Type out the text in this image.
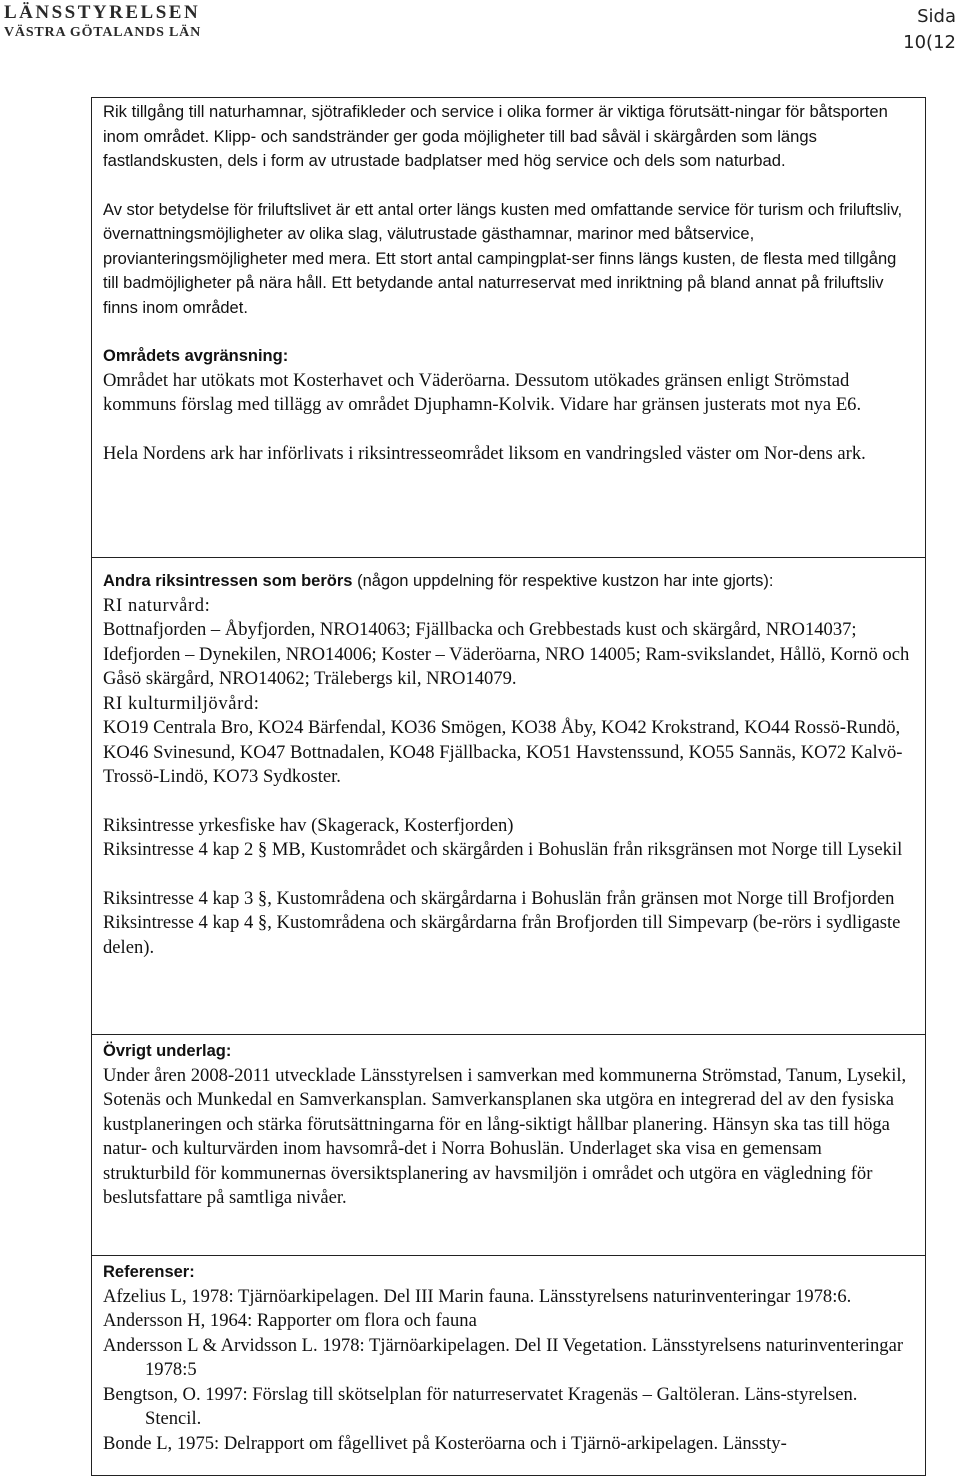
LÄNSSTYRELSEN
VÄSTRA GÖTALANDS LÄN
Sida
10(12

Rik tillgång till naturhamnar, sjötrafikleder och service i olika former är viktiga förutsätt-ningar för båtsporten inom området. Klipp- och sandstränder ger goda möjligheter till bad såväl i skärgården som längs fastlandskusten, dels i form av utrustade badplatser med hög service och dels som naturbad.

Av stor betydelse för friluftslivet är ett antal orter längs kusten med omfattande service för turism och friluftsliv, övernattningsmöjligheter av olika slag, välutrustade gästhamnar, marinor med båtservice, provianteringsmöjligheter med mera. Ett stort antal campingplat-ser finns längs kusten, de flesta med tillgång till badmöjligheter på nära håll. Ett betydande antal naturreservat med inriktning på bland annat på friluftsliv finns inom området.

Områdets avgränsning:

Området har utökats mot Kosterhavet och Väderöarna. Dessutom utökades gränsen enligt Strömstad kommuns förslag med tillägg av området Djuphamn-Kolvik. Vidare har gränsen justerats mot nya E6.

Hela Nordens ark har införlivats i riksintresseområdet liksom en vandringsled väster om Nor-dens ark.

Andra riksintressen som berörs (någon uppdelning för respektive kustzon har inte gjorts):

RI naturvård:

Bottnafjorden – Åbyfjorden, NRO14063; Fjällbacka och Grebbestads kust och skärgård, NRO14037; Idefjorden – Dynekilen, NRO14006; Koster – Väderöarna, NRO 14005; Ram-svikslandet, Hållö, Kornö och Gåsö skärgård, NRO14062; Trälebergs kil, NRO14079.

RI kulturmiljövård:

KO19 Centrala Bro, KO24 Bärfendal, KO36 Smögen, KO38 Åby, KO42 Krokstrand, KO44 Rossö-Rundö, KO46 Svinesund, KO47 Bottnadalen, KO48 Fjällbacka, KO51 Havstenssund, KO55 Sannäs, KO72 Kalvö-Trossö-Lindö, KO73 Sydkoster.

Riksintresse yrkesfiske hav (Skagerack, Kosterfjorden)

Riksintresse 4 kap 2 § MB, Kustområdet och skärgården i Bohuslän från riksgränsen mot Norge till Lysekil

Riksintresse 4 kap 3 §, Kustområdena och skärgårdarna i Bohuslän från gränsen mot Norge till Brofjorden

Riksintresse 4 kap 4 §, Kustområdena och skärgårdarna från Brofjorden till Simpevarp (be-rörs i sydligaste delen).

Övrigt underlag:

Under åren 2008-2011 utvecklade Länsstyrelsen i samverkan med kommunerna Strömstad, Tanum, Lysekil, Sotenäs och Munkedal en Samverkansplan. Samverkansplanen ska utgöra en integrerad del av den fysiska kustplaneringen och stärka förutsättningarna för en lång-siktigt hållbar planering. Hänsyn ska tas till höga natur- och kulturvärden inom havsområ-det i Norra Bohuslän. Underlaget ska visa en gemensam strukturbild för kommunernas översiktsplanering av havsmiljön i området och utgöra en vägledning för beslutsfattare på samtliga nivåer.

Referenser:

Afzelius L, 1978: Tjärnöarkipelagen. Del III Marin fauna. Länsstyrelsens naturinventeringar 1978:6.

Andersson H, 1964: Rapporter om flora och fauna

Andersson L & Arvidsson L. 1978: Tjärnöarkipelagen. Del II Vegetation. Länsstyrelsens naturinventeringar 1978:5

Bengtson, O. 1997: Förslag till skötselplan för naturreservatet Kragenäs – Galtöleran. Läns-styrelsen. Stencil.

Bonde L, 1975: Delrapport om fågellivet på Kosteröarna och i Tjärnö-arkipelagen. Länssty-
